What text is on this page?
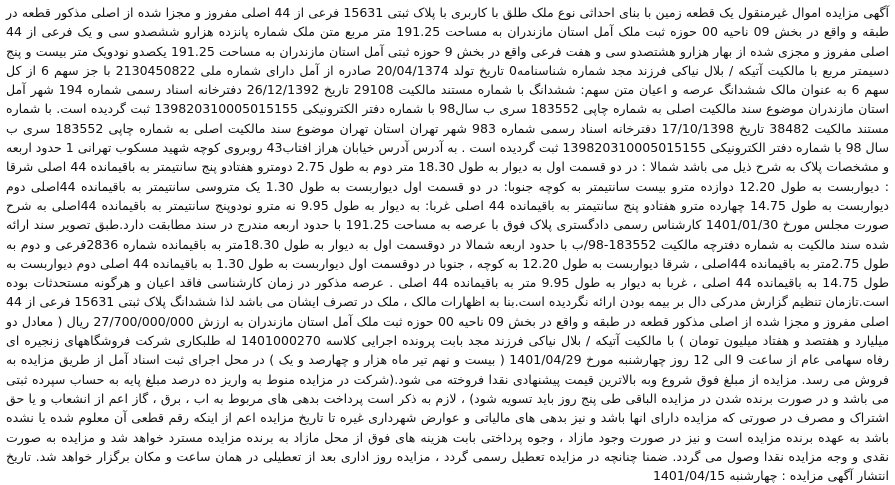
آگهی مزایده اموال غیرمنقول یک قطعه زمین با بنای احداثی نوع ملک طلق با کاربری با پلاک ثبتی 15631 فرعی از 44 اصلی مفروز و مجزا شده از اصلی مذکور قطعه در طبقه و واقع در بخش 09 ناحیه 00 حوزه ثبت ملک آمل استان مازندران به مساحت 191.25 متر مربع متن ملک شماره پانزده هزارو ششصدو سی و یک فرعی از 44 اصلی مفروز و مجزی شده از بهار هزارو هشتصدو سی و هفت فرعی واقع در بخش 9 حوزه ثبتی آمل استان مازندران به مساحت 191.25 یکصدو نودویک متر بیست و پنج دسیمتر مربع با مالکیت آتیکه / بلال نیاکی فرزند مجد شماره شناسنامه0 تاریخ تولد 20/04/1374 صادره از آمل دارای شماره ملی 2130450822 با جز سهم 6 از کل سهم 6 به عنوان مالک ششدانگ عرصه و اعیان متن سهم: ششدانگ با شماره مستند مالکیت 29108 تاریخ 26/12/1392 دفترخانه اسناد رسمی شماره 194 شهر آمل استان مازندران موضوع سند مالکیت اصلی به شماره چاپی 183552 سری ب سال98 با شماره دفتر الکترونیکی 139820310005015155 ثبت گردیده است. با شماره مستند مالکیت 38482 تاریخ 17/10/1398 دفترخانه اسناد رسمی شماره 983 شهر تهران استان تهران موضوع سند مالکیت اصلی به شماره چاپی 183552 سری ب سال 98 با شماره دفتر الکترونیکی 139820310005015155 ثبت گردیده است . به آدرس آدرس خیابان هراز افتاب43 روبروی کوچه شهید مسکوب تهرانی 1 حدود اربعه و مشخصات پلاک به شرح ذیل می باشد شمالا : در دو قسمت اول به دیوار به طول 18.30 متر دوم به طول 2.75 دومترو هفتادو پنج سانتیمتر به باقیمانده 44 اصلی شرقا : دیواربست به طول 12.20 دوازده مترو بیست سانتیمتر به کوچه جنوبا: در دو قسمت اول دیواربست به طول 1.30 یک متروسی سانتیمتر به باقیمانده 44اصلی دوم دیواربست به طول 14.75 چهارده مترو هفتادو پنج سانتیمتر به باقیمانده 44 اصلی غربا: به دیوار به طول 9.95 نه مترو نودوپنج سانتیمتر به باقیمانده 44اصلی به شرح صورت مجلس مورخ 1401/01/30 کارشناس رسمی دادگستری پلاک فوق با عرصه به مساحت 191.25 با حدود اربعه مندرج در سند مطابقت دارد.طبق تصویر سند ارائه شده سند مالکیت به شماره دفترچه مالکیت 183552-98/ب با حدود اربعه شمالا در دوقسمت اول به دیوار به طول 18.30متر به باقیمانده شماره 2836فرعی و دوم به طول 2.75متر به باقیمانده 44اصلی ، شرقا دیواربست به طول 12.20 به کوچه ، جنوبا در دوقسمت اول دیواربست به طول 1.30 به باقیمانده 44 اصلی دوم دیواربست به طول 14.75 به باقیمانده 44 اصلی ، غربا به دیوار به طول 9.95 متر به باقیمانده 44 اصلی . عرصه مذکور در زمان کارشناسی فاقد اعیان و هرگونه مستحدثات بوده است.تازمان تنظیم گزارش مدرکی دال بر بیمه بودن ارائه نگردیده است.بنا به اظهارات مالک ، ملک در تصرف ایشان می باشد لذا ششدانگ پلاک ثبتی 15631 فرعی از 44 اصلی مفروز و مجزا شده از اصلی مذکور قطعه در طبقه و واقع در بخش 09 ناحیه 00 حوزه ثبت ملک آمل استان مازندران به ارزش 27/700/000/000 ریال ( معادل دو میلیارد و هفتصد و هفتاد میلیون تومان ) با مالکیت آتیکه / بلال نیاکی فرزند مجد بابت پرونده اجرایی کلاسه 1401000270 له طلبکاری شرکت فروشگاههای زنجیره ای رفاه سهامی عام از ساعت 9 الی 12 روز چهارشنبه مورخ 1401/04/29 ( بیست و نهم تیر ماه هزار و چهارصد و یک ) در محل اجرای ثبت اسناد آمل از طریق مزایده به فروش می رسد. مزایده از مبلغ فوق شروع وبه بالاترین قیمت پیشنهادی نقدا فروخته می شود.(شرکت در مزایده منوط به واریز ده درصد مبلغ پایه به حساب سپرده ثبتی می باشد و در صورت برنده شدن در مزایده الباقی طی پنج روز باید تسویه شود) ، لازم به ذکر است پرداخت بدهی های مربوط به اب ، برق ، گاز اعم از انشعاب و یا حق اشتراک و مصرف در صورتی که مزایده دارای انها باشد و نیز بدهی های مالیاتی و عوارض شهرداری غیره تا تاریخ مزایده اعم از اینکه رقم قطعی آن معلوم شده یا نشده باشد به عهده برنده مزایده است و نیز در صورت وجود مازاد ، وجوه پرداختی بابت هزینه های فوق از محل مازاد به برنده مزایده مسترد خواهد شد و مزایده به صورت نقدی و وجه مزایده نقدا وصول می گردد. ضمنا چنانچه در مزایده تعطیل رسمی گردد ، مزایده روز اداری بعد از تعطیلی در همان ساعت و مکان برگزار خواهد شد. تاریخ انتشار آگهی مزایده : چهارشنبه 1401/04/15
